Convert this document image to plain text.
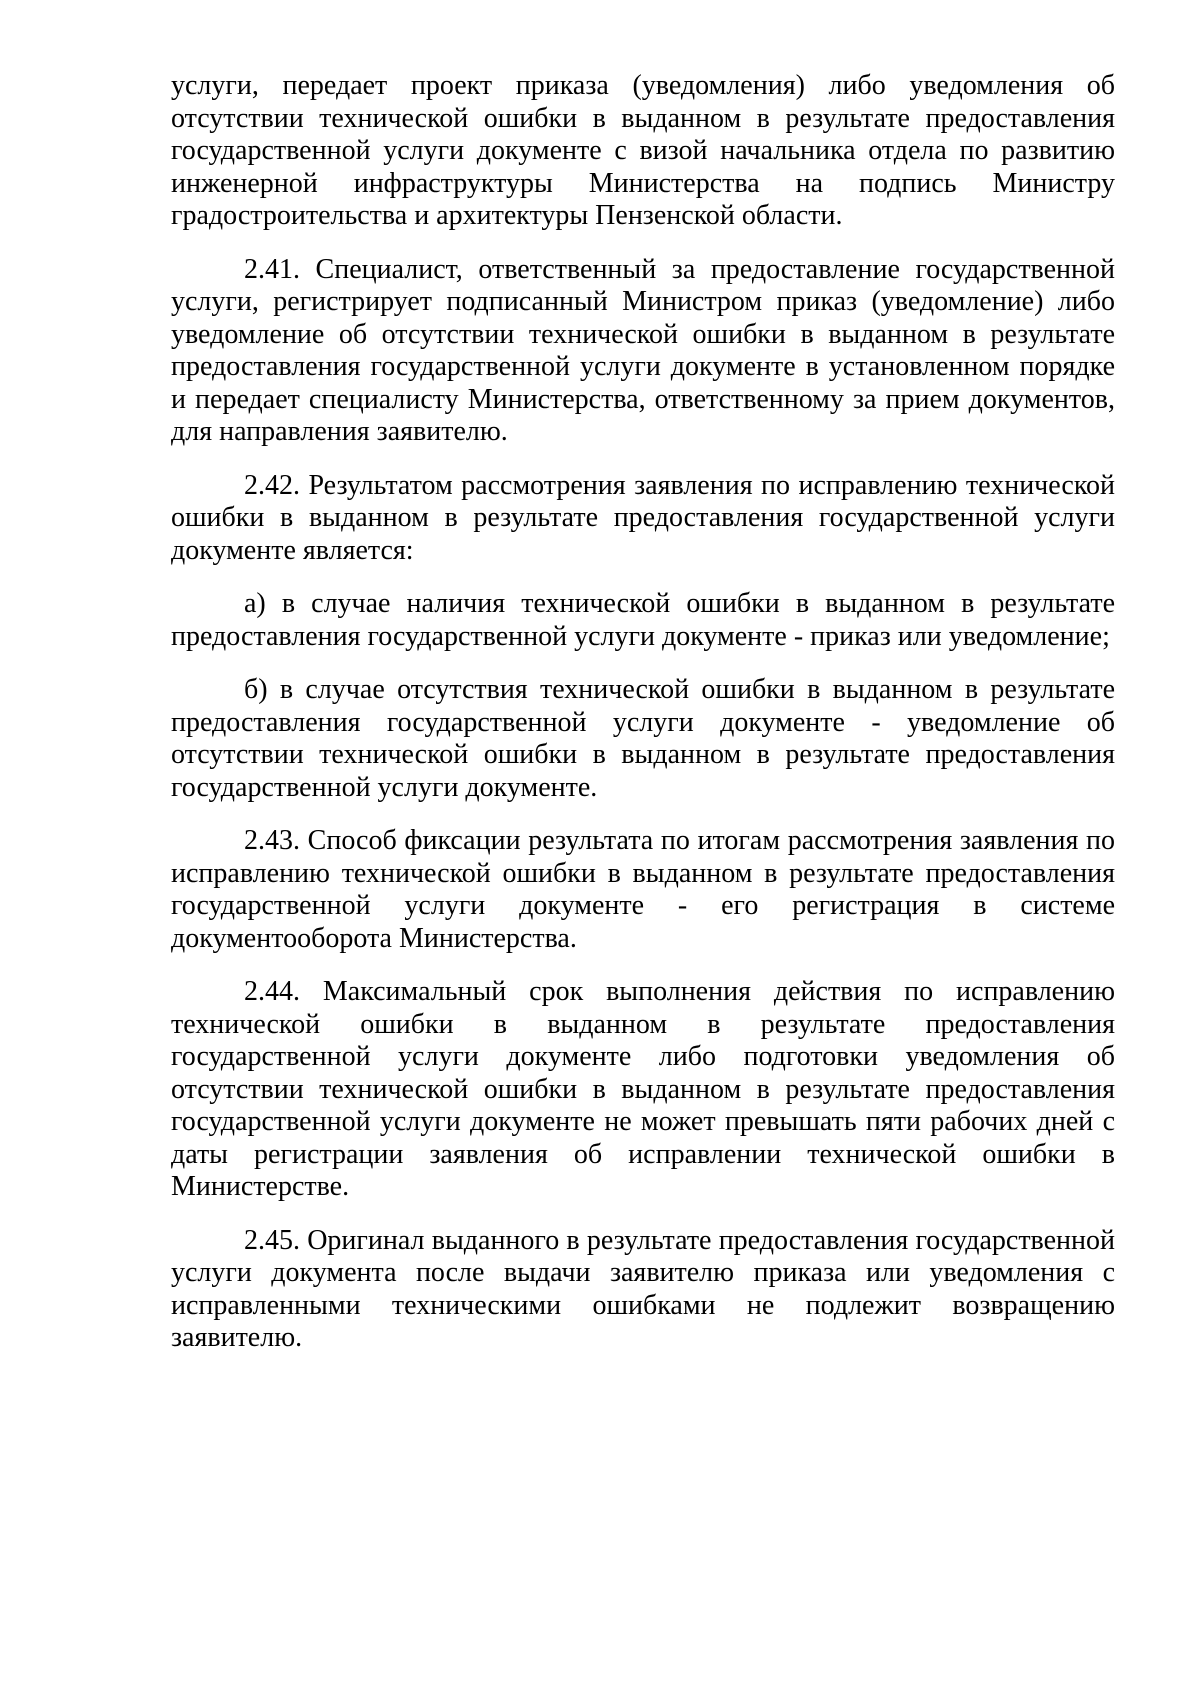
услуги, передает проект приказа (уведомления) либо уведомления об отсутствии технической ошибки в выданном в результате предоставления государственной услуги документе с визой начальника отдела по развитию инженерной инфраструктуры Министерства на подпись Министру градостроительства и архитектуры Пензенской области.

2.41. Специалист, ответственный за предоставление государственной услуги, регистрирует подписанный Министром приказ (уведомление) либо уведомление об отсутствии технической ошибки в выданном в результате предоставления государственной услуги документе в установленном порядке и передает специалисту Министерства, ответственному за прием документов, для направления заявителю.

2.42. Результатом рассмотрения заявления по исправлению технической ошибки в выданном в результате предоставления государственной услуги документе является:

а) в случае наличия технической ошибки в выданном в результате предоставления государственной услуги документе - приказ или уведомление;

б) в случае отсутствия технической ошибки в выданном в результате предоставления государственной услуги документе - уведомление об отсутствии технической ошибки в выданном в результате предоставления государственной услуги документе.

2.43. Способ фиксации результата по итогам рассмотрения заявления по исправлению технической ошибки в выданном в результате предоставления государственной услуги документе - его регистрация в системе документооборота Министерства.

2.44. Максимальный срок выполнения действия по исправлению технической ошибки в выданном в результате предоставления государственной услуги документе либо подготовки уведомления об отсутствии технической ошибки в выданном в результате предоставления государственной услуги документе не может превышать пяти рабочих дней с даты регистрации заявления об исправлении технической ошибки в Министерстве.

2.45. Оригинал выданного в результате предоставления государственной услуги документа после выдачи заявителю приказа или уведомления с исправленными техническими ошибками не подлежит возвращению заявителю.
